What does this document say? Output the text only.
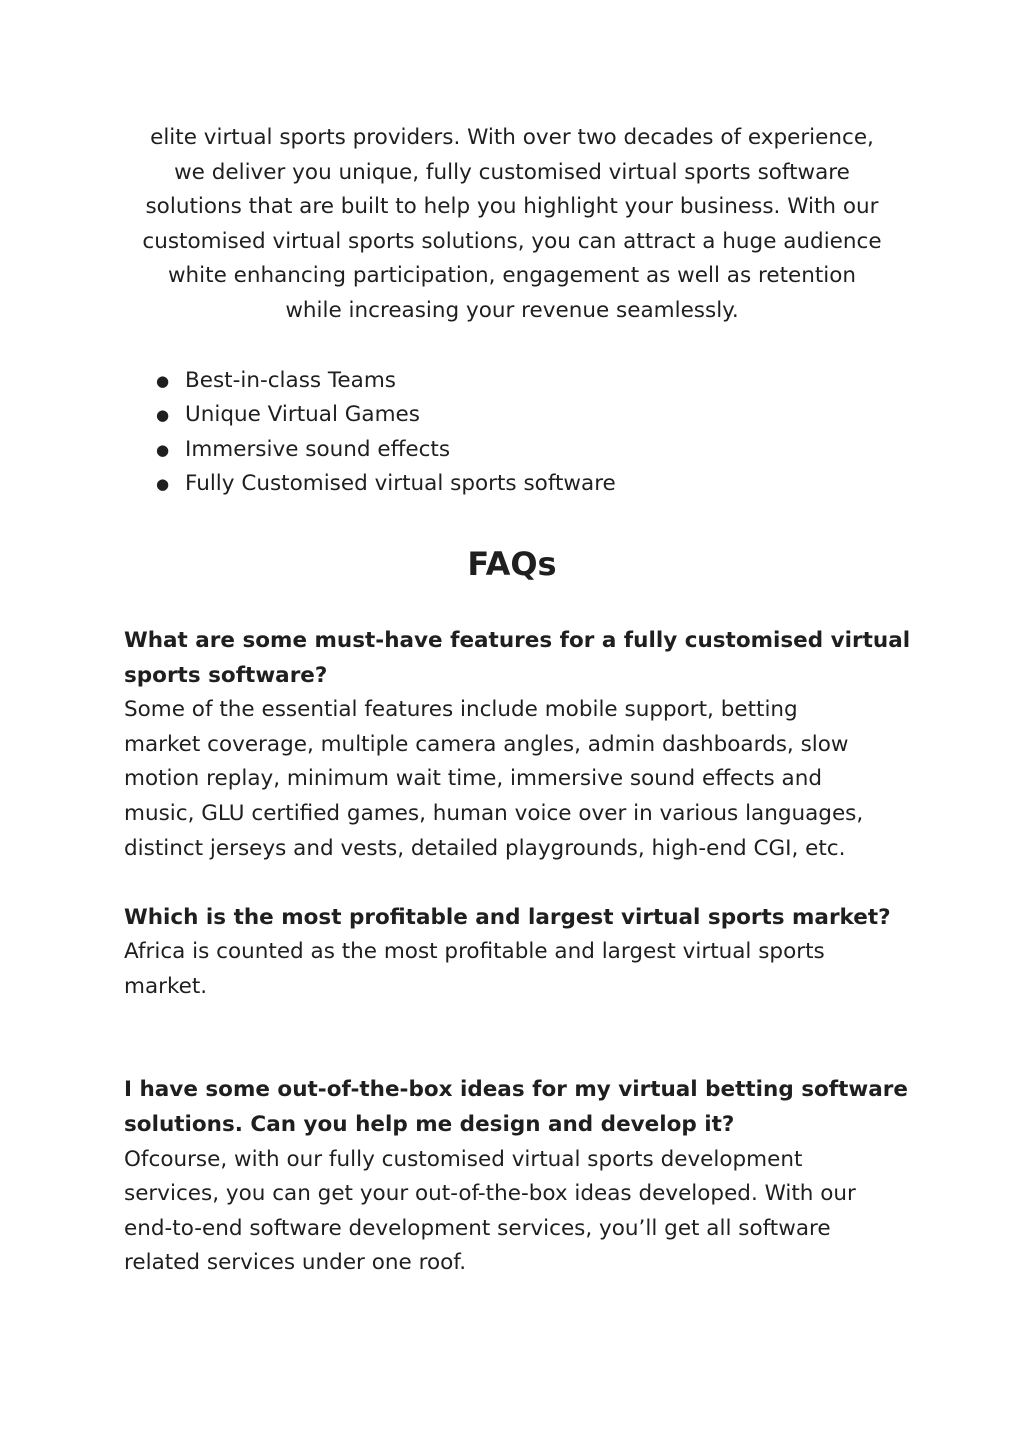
elite virtual sports providers. With over two decades of experience,
we deliver you unique, fully customised virtual sports software
solutions that are built to help you highlight your business. With our
customised virtual sports solutions, you can attract a huge audience
white enhancing participation, engagement as well as retention
while increasing your revenue seamlessly.

● Best-in-class Teams
● Unique Virtual Games
● Immersive sound effects
● Fully Customised virtual sports software
FAQs

What are some must-have features for a fully customised virtual
sports software?

Some of the essential features include mobile support, betting
market coverage, multiple camera angles, admin dashboards, slow
motion replay, minimum wait time, immersive sound effects and
music, GLU certified games, human voice over in various languages,
distinct jerseys and vests, detailed playgrounds, high-end CGI, etc.

Which is the most profitable and largest virtual sports market?

Africa is counted as the most profitable and largest virtual sports
market.

I have some out-of-the-box ideas for my virtual betting software
solutions. Can you help me design and develop it?

Ofcourse, with our fully customised virtual sports development
services, you can get your out-of-the-box ideas developed. With our
end-to-end software development services, you’ll get all software
related services under one roof.
